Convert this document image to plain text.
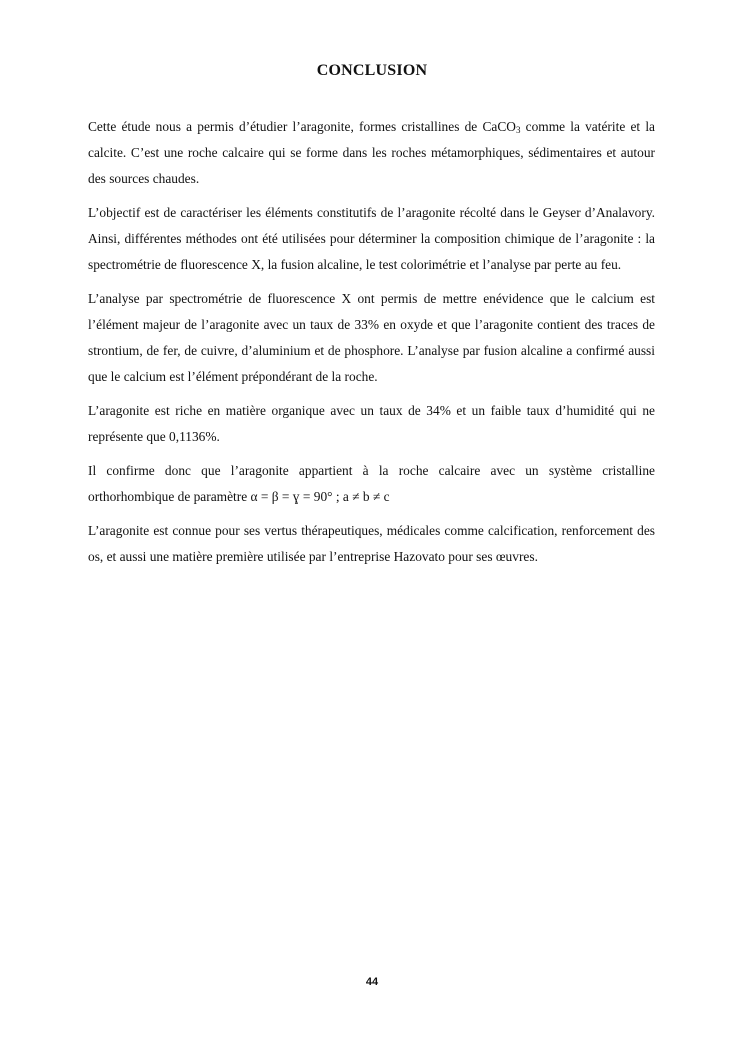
CONCLUSION

Cette étude nous a permis d’étudier l’aragonite, formes cristallines de CaCO$_3$ comme la vatérite et la calcite. C’est une roche calcaire qui se forme dans les roches métamorphiques, sédimentaires et autour des sources chaudes.

L’objectif est de caractériser les éléments constitutifs de l’aragonite récolté dans le Geyser d’Analavory. Ainsi, différentes méthodes ont été utilisées pour déterminer la composition chimique de l’aragonite : la spectrométrie de fluorescence X, la fusion alcaline, le test colorimétrie et l’analyse par perte au feu.

L’analyse par spectrométrie de fluorescence X ont permis de mettre enévidence que le calcium est l’élément majeur de l’aragonite avec un taux de 33% en oxyde et que l’aragonite contient des traces de strontium, de fer, de cuivre, d’aluminium et de phosphore. L’analyse par fusion alcaline a confirmé aussi que le calcium est l’élément prépondérant de la roche.

L’aragonite est riche en matière organique avec un taux de 34% et un faible taux d’humidité qui ne représente que 0,1136%.

Il confirme donc que l’aragonite appartient à la roche calcaire avec un système cristalline orthorhombique de paramètre α = β = ɣ = 90° ; a ≠ b ≠ c

L’aragonite est connue pour ses vertus thérapeutiques, médicales comme calcification, renforcement des os, et aussi une matière première utilisée par l’entreprise Hazovato pour ses œuvres.

44
